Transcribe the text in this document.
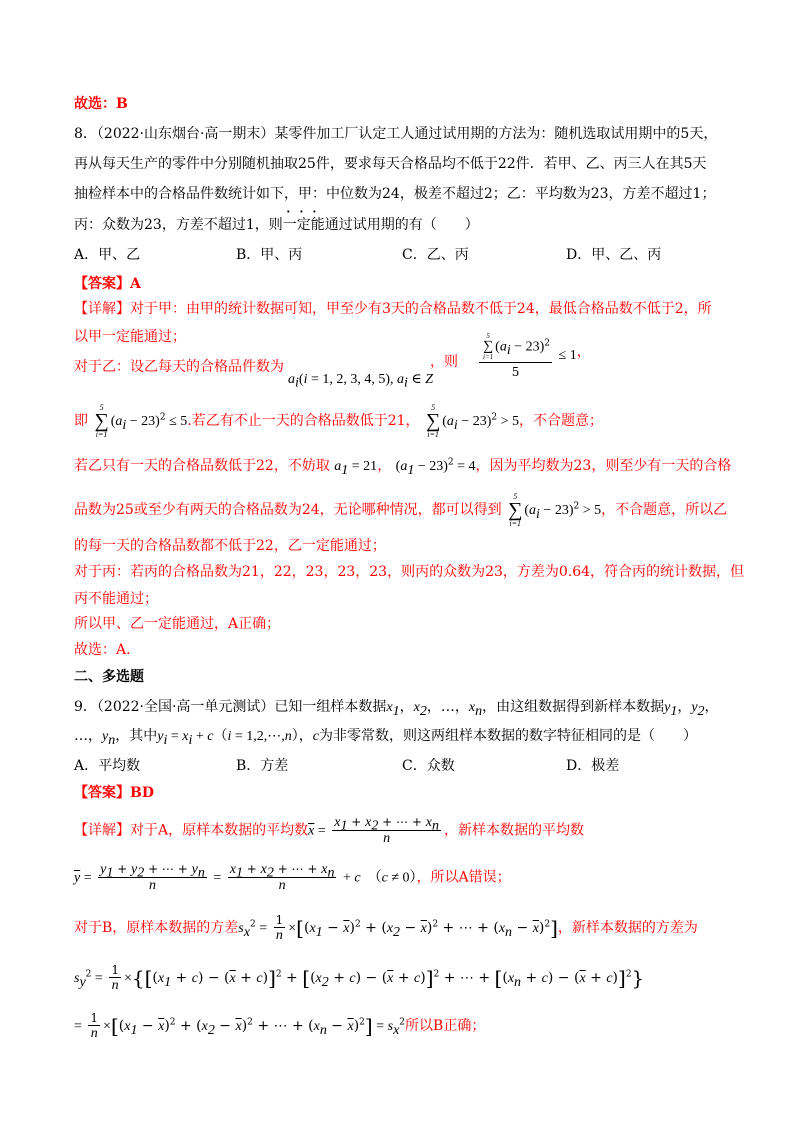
故选：B
8．（2022·山东烟台·高一期末）某零件加工厂认定工人通过试用期的方法为：随机选取试用期中的5天，
再从每天生产的零件中分别随机抽取25件，要求每天合格品均不低于22件．若甲、乙、丙三人在其5天
抽检样本中的合格品件数统计如下，甲：中位数为24，极差不超过2；乙：平均数为23，方差不超过1；
丙：众数为23，方差不超过1，则一定能
···
通过试用期的有（　　）
A．甲、乙	B．甲、丙	C．乙、丙	D．甲、乙、丙
【答案】A
【详解】对于甲：由甲的统计数据可知，甲至少有3天的合格品数不低于24，最低合格品数不低于2，所
以甲一定能通过；
对于乙：设乙每天的合格品件数为
$a_i(i = 1$, 2, 3, 4, 5), $a_i$ ∈ Z
，则	5
∑
i=1
$(a_i - 23)^2$
5 ≤ 1，
即
5
∑
i=1
$(a_i - 23)^2 \le 5$.若乙有不止一天的合格品数低于21，
5
∑
i=1
$(a_i - 23)^2 > 5$，不合题意；
若乙只有一天的合格品数低于22，不妨取 $a_1 = 21$， $(a_1 - 23)^2 = 4$，因为平均数为23，则至少有一天的合格
品数为25或至少有两天的合格品数为24，无论哪种情况，都可以得到
5
∑
i=1
$(a_i - 23)^2 > 5$，不合题意，所以乙
的每一天的合格品数都不低于22，乙一定能通过；
对于丙：若丙的合格品数为21，22，23，23，23，则丙的众数为23，方差为0.64，符合丙的统计数据，但
丙不能通过；
所以甲、乙一定能通过，A正确；
故选：A.
二、多选题
9．（2022·全国·高一单元测试）已知一组样本数据$x_1$，$x_2$，…，$x_n$，由这组数据得到新样本数据$y_1$，$y_2$，
…，$y_n$，其中$y_i = x_i + c(i$ = 1,2,⋯,n），c为非零常数，则这两组样本数据的数字特征相同的是（　　）
A．平均数	B．方差	C．众数	D．极差
【答案】BD
【详解】对于A，原样本数据的平均数$\overline{x} = \frac{x_1 + x_2 + \cdots + x_n}{n}$ ，新样本数据的平均数
$\overline{y} = \frac{y_1 + y_2 + \cdots + y_n}{n} = \frac{x_1 + x_2 + \cdots + x_n}{n} + c$　（c ≠ 0），所以A错误；
对于B，原样本数据的方差$s_x^2 = \frac{1}{n} \times[(x_1 - \overline{x})^2 + (x_2 - \overline{x})^2$ + ⋯ + $(x_n - \overline{x})^2$]，新样本数据的方差为
$s_y^2 = \frac{1}{n} \times\{[(x_1 + c) - (\overline{x} + c)]^2 + [(x_2 + c) - (\overline{x} + c)]^2$ + ⋯ + $[(x_n + c) - (\overline{x} + c)]^2$}
= $\frac{1}{n} \times[(x_1 - \overline{x})^2 + (x_2 - \overline{x})^2$ + ⋯ + $(x_n - \overline{x})^2] = s_x^2$所以B正确；
